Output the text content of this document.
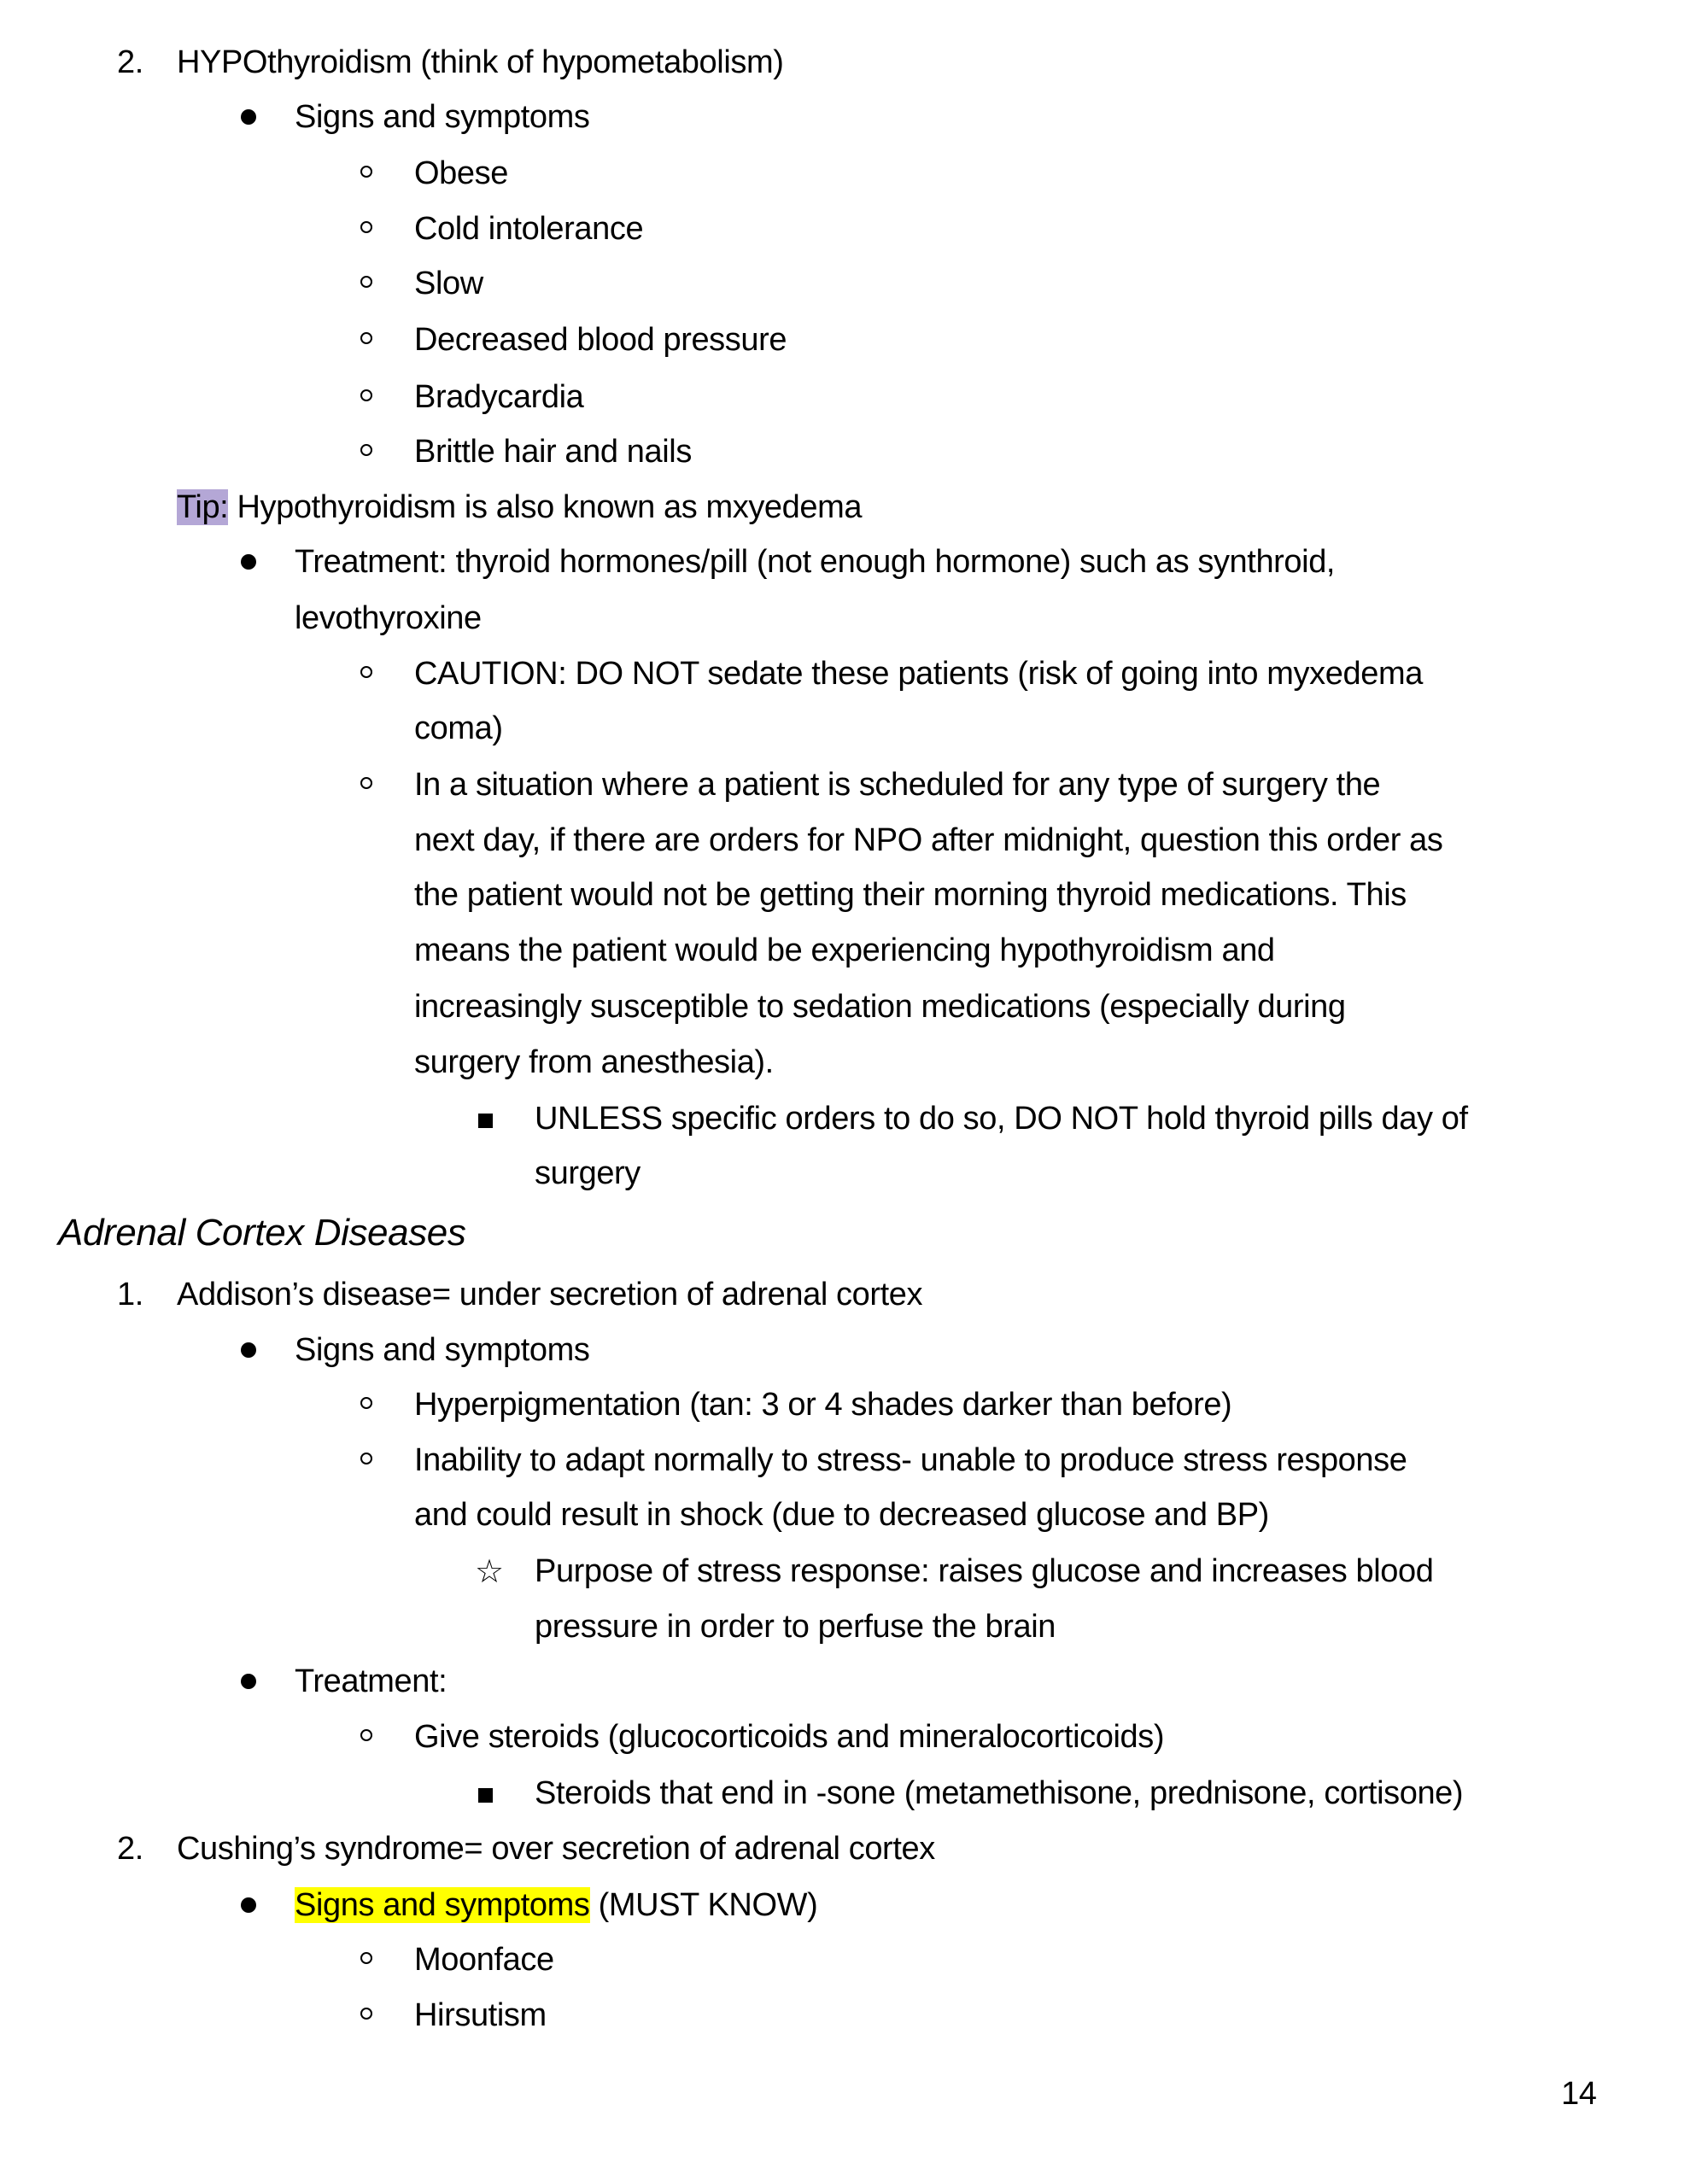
2. HYPOthyroidism (think of hypometabolism)
Signs and symptoms
Obese
Cold intolerance
Slow
Decreased blood pressure
Bradycardia
Brittle hair and nails
Tip: Hypothyroidism is also known as mxyedema
Treatment: thyroid hormones/pill (not enough hormone) such as synthroid,
levothyroxine
CAUTION: DO NOT sedate these patients (risk of going into myxedema
coma)
In a situation where a patient is scheduled for any type of surgery the
next day, if there are orders for NPO after midnight, question this order as
the patient would not be getting their morning thyroid medications. This
means the patient would be experiencing hypothyroidism and
increasingly susceptible to sedation medications (especially during
surgery from anesthesia).
UNLESS specific orders to do so, DO NOT hold thyroid pills day of
surgery
Adrenal Cortex Diseases
1. Addison’s disease= under secretion of adrenal cortex
Signs and symptoms
Hyperpigmentation (tan: 3 or 4 shades darker than before)
Inability to adapt normally to stress- unable to produce stress response
and could result in shock (due to decreased glucose and BP)
☆ Purpose of stress response: raises glucose and increases blood
pressure in order to perfuse the brain
Treatment:
Give steroids (glucocorticoids and mineralocorticoids)
Steroids that end in -sone (metamethisone, prednisone, cortisone)
2. Cushing’s syndrome= over secretion of adrenal cortex
Signs and symptoms (MUST KNOW)
Moonface
Hirsutism
14
